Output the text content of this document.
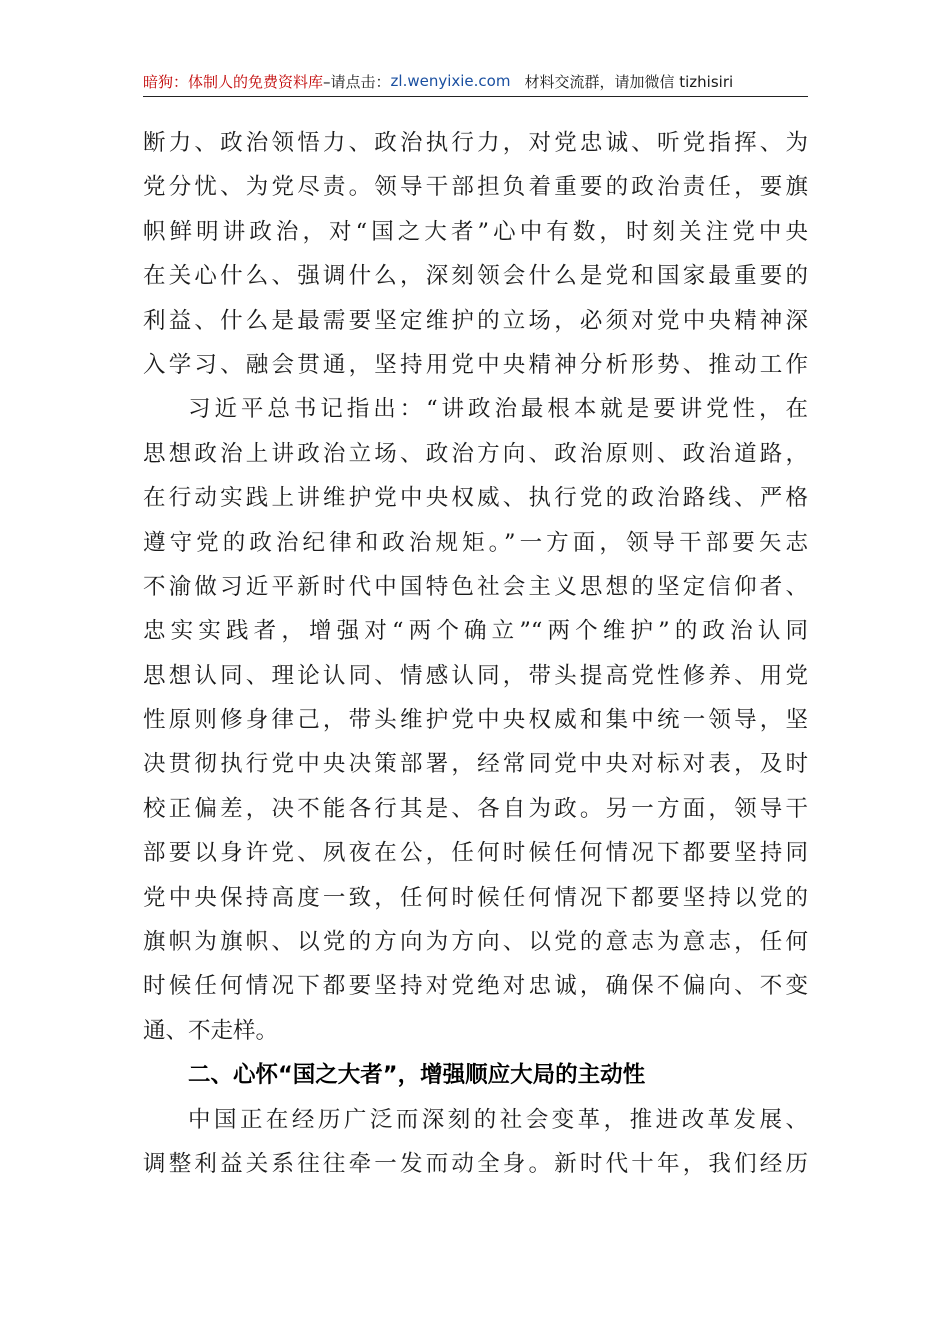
暗狗：体制人的免费资料库 –请点击： zl.wenyixie.com 材料交流群，请加微信 tizhisiri
断力、政治领悟力、政治执行力，对党忠诚、听党指挥、为
党分忧、为党尽责。领导干部担负着重要的政治责任，要旗
帜鲜明讲政治，对“国之大者”心中有数，时刻关注党中央
在关心什么、强调什么，深刻领会什么是党和国家最重要的
利益、什么是最需要坚定维护的立场，必须对党中央精神深
入学习、融会贯通，坚持用党中央精神分析形势、推动工作
习近平总书记指出：“讲政治最根本就是要讲党性，在
思想政治上讲政治立场、政治方向、政治原则、政治道路，
在行动实践上讲维护党中央权威、执行党的政治路线、严格
遵守党的政治纪律和政治规矩。”一方面，领导干部要矢志
不渝做习近平新时代中国特色社会主义思想的坚定信仰者、
忠实实践者，增强对“两个确立”“两个维护”的政治认同
思想认同、理论认同、情感认同，带头提高党性修养、用党
性原则修身律己，带头维护党中央权威和集中统一领导，坚
决贯彻执行党中央决策部署，经常同党中央对标对表，及时
校正偏差，决不能各行其是、各自为政。另一方面，领导干
部要以身许党、夙夜在公，任何时候任何情况下都要坚持同
党中央保持高度一致，任何时候任何情况下都要坚持以党的
旗帜为旗帜、以党的方向为方向、以党的意志为意志，任何
时候任何情况下都要坚持对党绝对忠诚，确保不偏向、不变
通、不走样。
二、心怀“国之大者”，增强顺应大局的主动性
中国正在经历广泛而深刻的社会变革，推进改革发展、
调整利益关系往往牵一发而动全身。新时代十年，我们经历
